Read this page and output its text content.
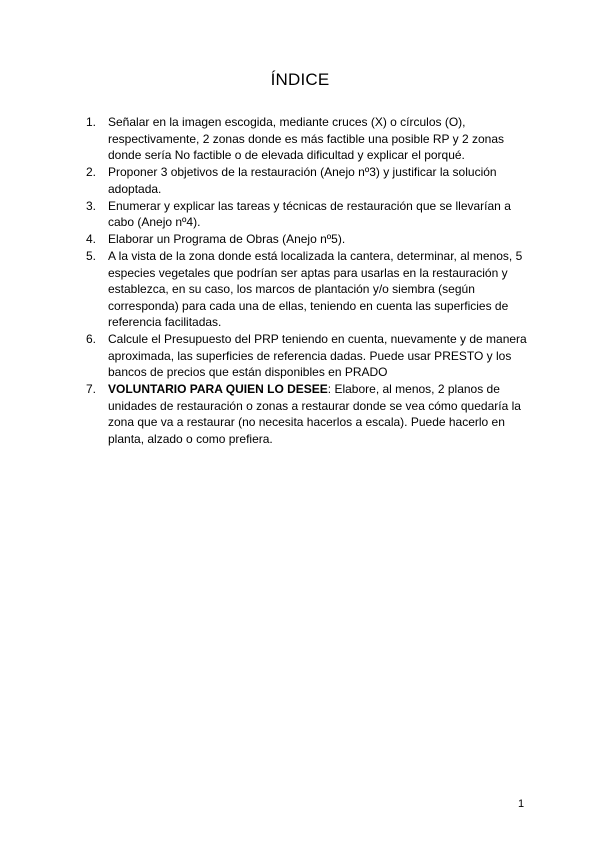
ÍNDICE
1. Señalar en la imagen escogida, mediante cruces (X) o círculos (O), respectivamente, 2 zonas donde es más factible una posible RP y 2 zonas donde sería No factible o de elevada dificultad y explicar el porqué.
2. Proponer 3 objetivos de la restauración (Anejo nº3) y justificar la solución adoptada.
3. Enumerar y explicar las tareas y técnicas de restauración que se llevarían a cabo (Anejo nº4).
4. Elaborar un Programa de Obras (Anejo nº5).
5. A la vista de la zona donde está localizada la cantera, determinar, al menos, 5 especies vegetales que podrían ser aptas para usarlas en la restauración y establezca, en su caso, los marcos de plantación y/o siembra (según corresponda) para cada una de ellas, teniendo en cuenta las superficies de referencia facilitadas.
6. Calcule el Presupuesto del PRP teniendo en cuenta, nuevamente y de manera aproximada, las superficies de referencia dadas. Puede usar PRESTO y los bancos de precios que están disponibles en PRADO
7. VOLUNTARIO PARA QUIEN LO DESEE: Elabore, al menos, 2 planos de unidades de restauración o zonas a restaurar donde se vea cómo quedaría la zona que va a restaurar (no necesita hacerlos a escala). Puede hacerlo en planta, alzado o como prefiera.
1
